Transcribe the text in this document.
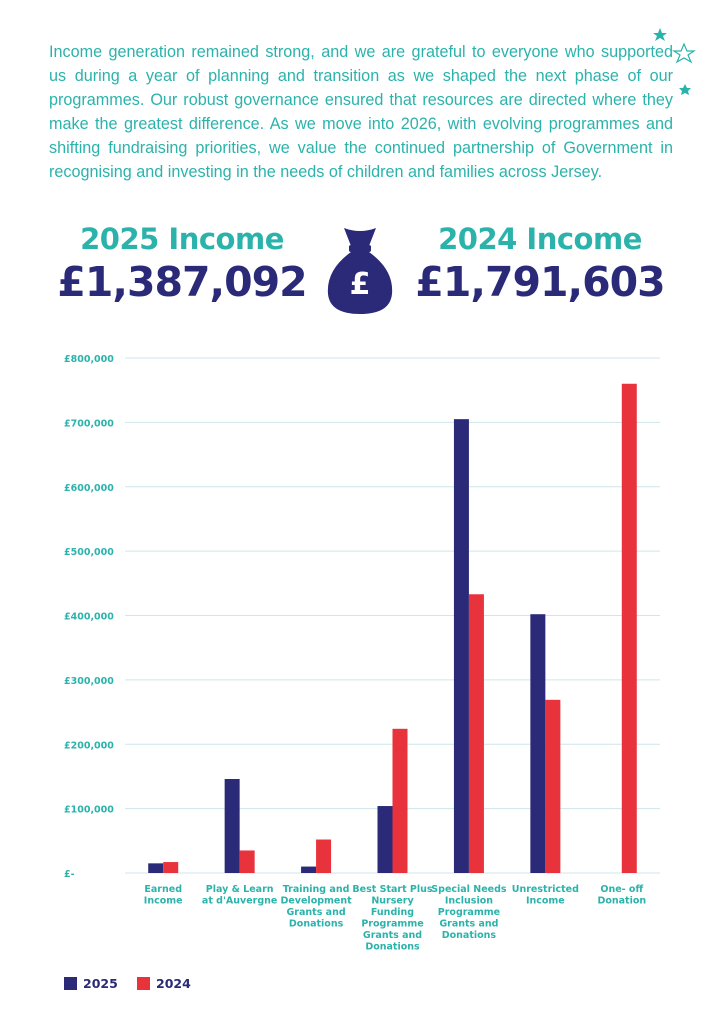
Income generation remained strong, and we are grateful to everyone who supported us during a year of planning and transition as we shaped the next phase of our programmes. Our robust governance ensured that resources are directed where they make the greatest difference. As we move into 2026, with evolving programmes and shifting fundraising priorities, we value the continued partnership of Government in recognising and investing in the needs of children and families across Jersey.

2025 Income
£1,387,092 £
2024 Income
£1,791,603
£-
£100,000
£200,000
£300,000
£400,000
£500,000
£600,000
£700,000
£800,000
Earned Income
Play & Learn at d'Auvergne
Training and Development Grants and Donations
Best Start Plus Nursery Funding Programme Grants and Donations
Special Needs Inclusion Programme Grants and Donations
Unrestricted Income
One- off Donation
2025	2024
